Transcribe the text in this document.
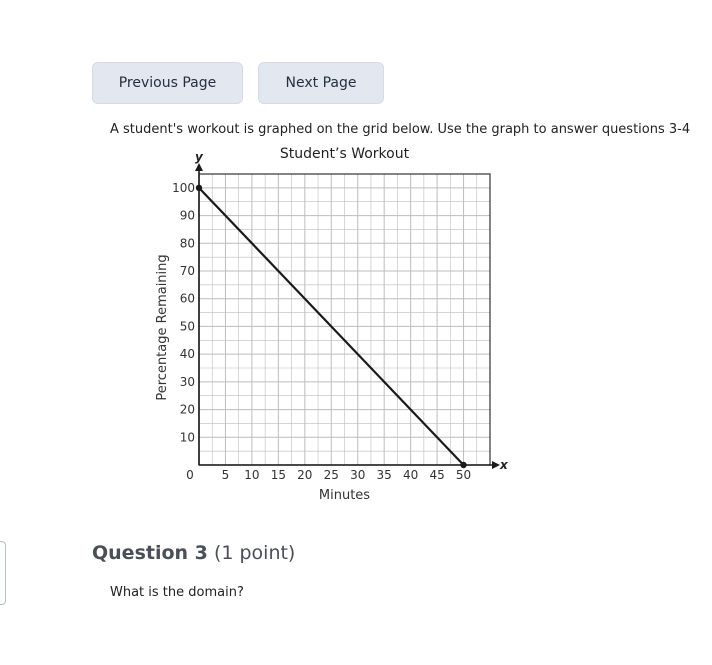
Previous Page	Next Page
A student's workout is graphed on the grid below. Use the graph to answer questions 3-4
x
y
5 10 15 20 25 30 35 40 45 50
0
10
20
30
40
50
60
70
80
90
100
Student’s Workout
Minutes
Percentage Remaining
Question 3 (1 point)
What is the domain?
